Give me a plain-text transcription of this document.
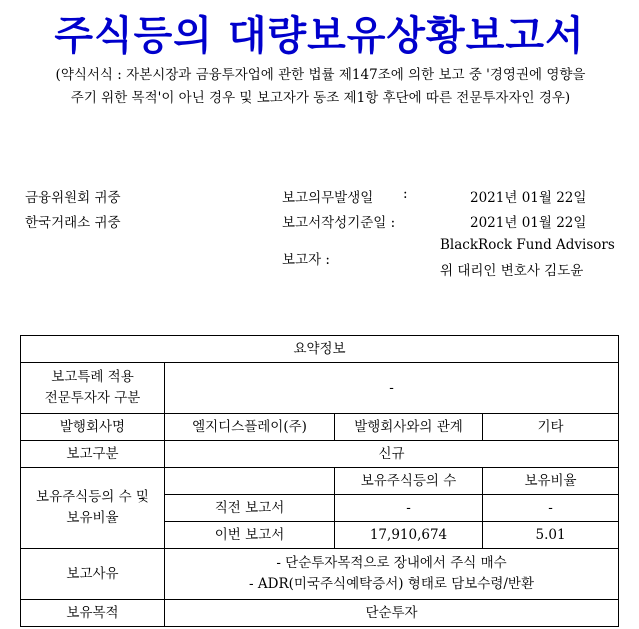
주식등의 대량보유상황보고서
(약식서식 : 자본시장과 금융투자업에 관한 법률 제147조에 의한 보고 중 '경영권에 영향을
주기 위한 목적'이 아닌 경우 및 보고자가 동조 제1항 후단에 따른 전문투자자인 경우)
금융위원회 귀중
한국거래소 귀중
보고의무발생일 :	2021년 01월 22일
보고서작성기준일 :	2021년 01월 22일
보고자 :
BlackRock Fund Advisors
위 대리인 변호사 김도윤
요약정보			

보고특례 적용
전문투자자 구분	-		
발행회사명	엘지디스플레이(주)	발행회사와의 관계	기타
보고구분	신규		

보유주식등의 수 및
보유비율		보유주식등의 수	보유비율
	직전 보고서	-	-
	이번 보고서	17,910,674	5.01
보고사유	- 단순투자목적으로 장내에서 주식 매수
- ADR(미국주식예탁증서) 형태로 담보수령/반환		

보유목적	단순투자		
